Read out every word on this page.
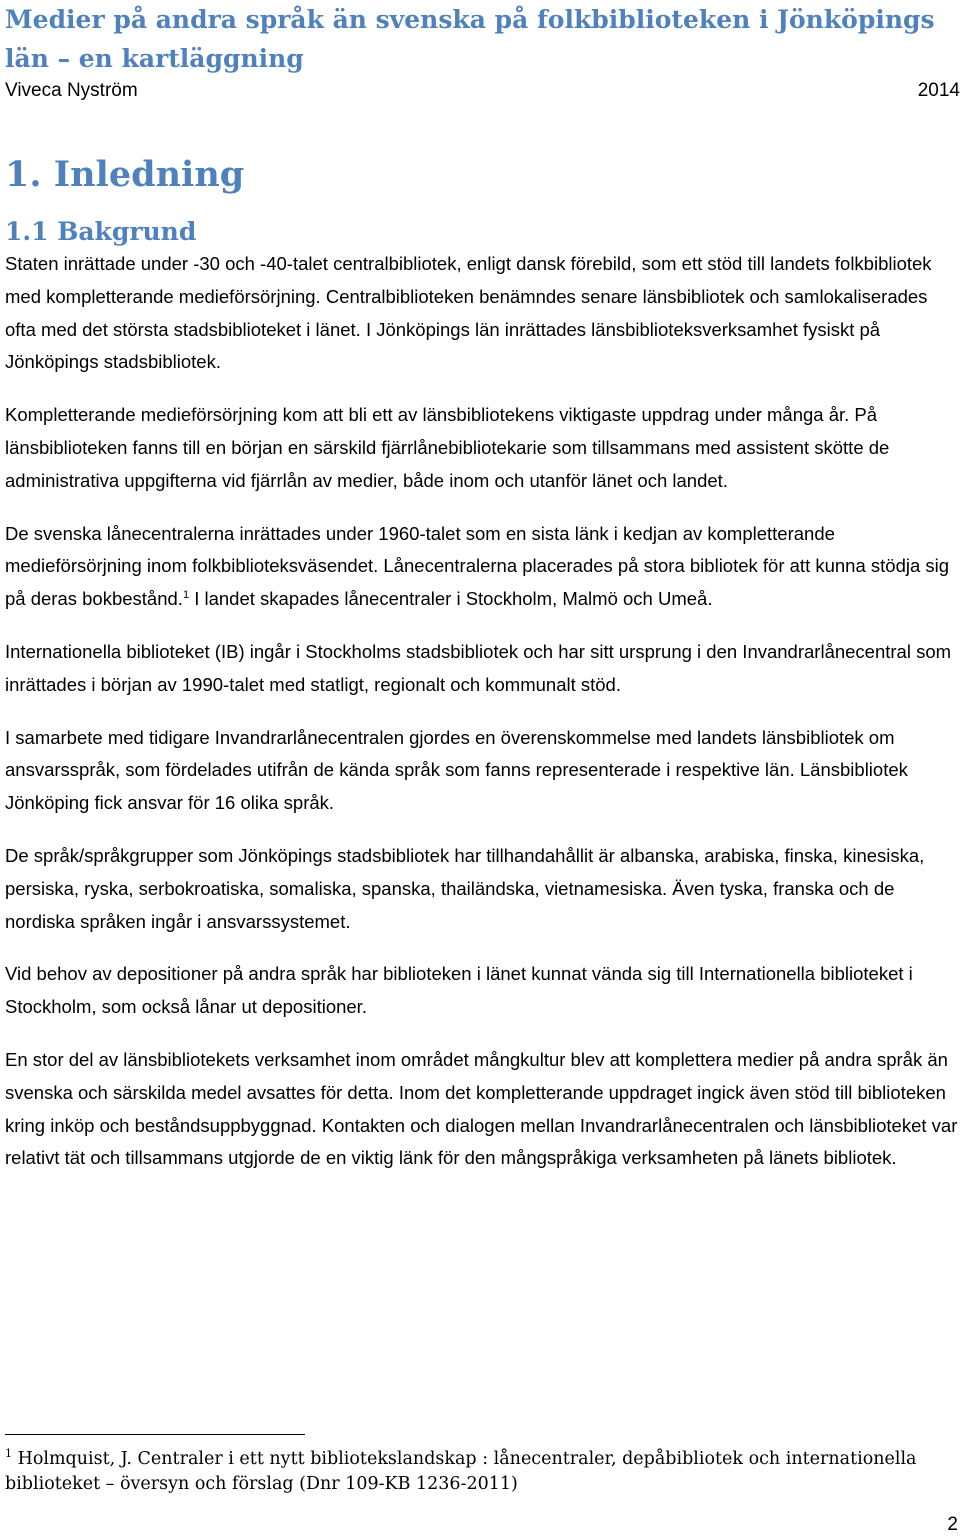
Medier på andra språk än svenska på folkbiblioteken i Jönköpings län – en kartläggning
Viveca Nyström	2014
1. Inledning
1.1 Bakgrund

Staten inrättade under -30 och -40-talet centralbibliotek, enligt dansk förebild, som ett stöd till landets folkbibliotek med kompletterande medieförsörjning. Centralbiblioteken benämndes senare länsbibliotek och samlokaliserades ofta med det största stadsbiblioteket i länet. I Jönköpings län inrättades länsbiblioteksverksamhet fysiskt på Jönköpings stadsbibliotek.

Kompletterande medieförsörjning kom att bli ett av länsbibliotekens viktigaste uppdrag under många år. På länsbiblioteken fanns till en början en särskild fjärrlånebibliotekarie som tillsammans med assistent skötte de administrativa uppgifterna vid fjärrlån av medier, både inom och utanför länet och landet.

De svenska lånecentralerna inrättades under 1960-talet som en sista länk i kedjan av kompletterande medieförsörjning inom folkbiblioteksväsendet. Lånecentralerna placerades på stora bibliotek för att kunna stödja sig på deras bokbestånd.$^1$ I landet skapades lånecentraler i Stockholm, Malmö och Umeå.

Internationella biblioteket (IB) ingår i Stockholms stadsbibliotek och har sitt ursprung i den Invandrarlånecentral som inrättades i början av 1990-talet med statligt, regionalt och kommunalt stöd.

I samarbete med tidigare Invandrarlånecentralen gjordes en överenskommelse med landets länsbibliotek om ansvarsspråk, som fördelades utifrån de kända språk som fanns representerade i respektive län. Länsbibliotek Jönköping fick ansvar för 16 olika språk.

De språk/språkgrupper som Jönköpings stadsbibliotek har tillhandahållit är albanska, arabiska, finska, kinesiska, persiska, ryska, serbokroatiska, somaliska, spanska, thailändska, vietnamesiska. Även tyska, franska och de nordiska språken ingår i ansvarssystemet.

Vid behov av depositioner på andra språk har biblioteken i länet kunnat vända sig till Internationella biblioteket i Stockholm, som också lånar ut depositioner.

En stor del av länsbibliotekets verksamhet inom området mångkultur blev att komplettera medier på andra språk än svenska och särskilda medel avsattes för detta. Inom det kompletterande uppdraget ingick även stöd till biblioteken kring inköp och beståndsuppbyggnad. Kontakten och dialogen mellan Invandrarlånecentralen och länsbiblioteket var relativt tät och tillsammans utgjorde de en viktig länk för den mångspråkiga verksamheten på länets bibliotek.

$^1$ Holmquist, J. Centraler i ett nytt bibliotekslandskap : lånecentraler, depåbibliotek och internationella biblioteket – översyn och förslag (Dnr 109-KB 1236-2011)
2
